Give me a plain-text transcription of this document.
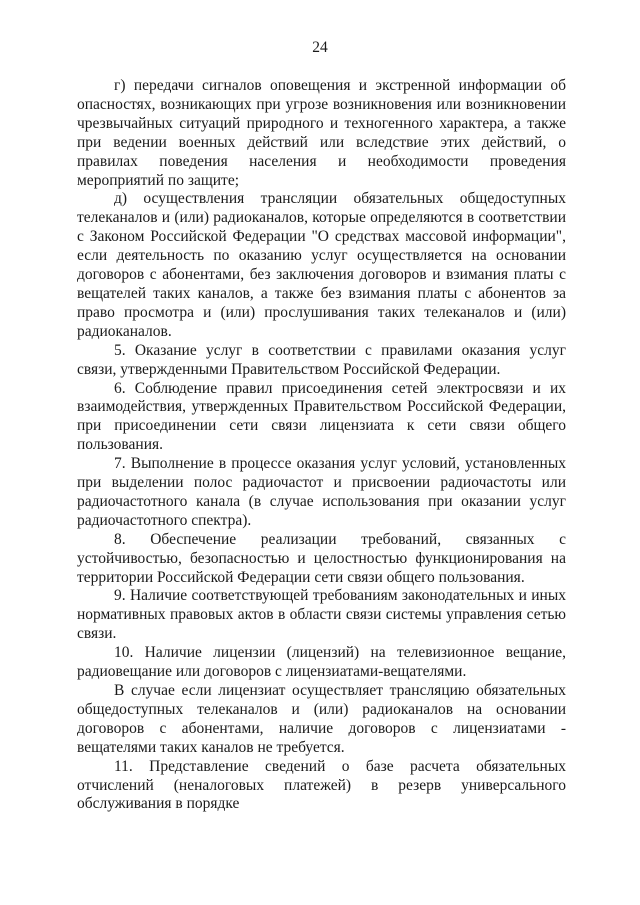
24

г) передачи сигналов оповещения и экстренной информации об опасностях, возникающих при угрозе возникновения или возникновении чрезвычайных ситуаций природного и техногенного характера, а также при ведении военных действий или вследствие этих действий, о правилах поведения населения и необходимости проведения мероприятий по защите;

д) осуществления трансляции обязательных общедоступных телеканалов и (или) радиоканалов, которые определяются в соответствии с Законом Российской Федерации "О средствах массовой информации", если деятельность по оказанию услуг осуществляется на основании договоров с абонентами, без заключения договоров и взимания платы с вещателей таких каналов, а также без взимания платы с абонентов за право просмотра и (или) прослушивания таких телеканалов и (или) радиоканалов.

5. Оказание услуг в соответствии с правилами оказания услуг связи, утвержденными Правительством Российской Федерации.

6. Соблюдение правил присоединения сетей электросвязи и их взаимодействия, утвержденных Правительством Российской Федерации, при присоединении сети связи лицензиата к сети связи общего пользования.

7. Выполнение в процессе оказания услуг условий, установленных при выделении полос радиочастот и присвоении радиочастоты или радиочастотного канала (в случае использования при оказании услуг радиочастотного спектра).

8. Обеспечение реализации требований, связанных с устойчивостью, безопасностью и целостностью функционирования на территории Российской Федерации сети связи общего пользования.

9. Наличие соответствующей требованиям законодательных и иных нормативных правовых актов в области связи системы управления сетью связи.

10. Наличие лицензии (лицензий) на телевизионное вещание, радиовещание или договоров с лицензиатами-вещателями.

В случае если лицензиат осуществляет трансляцию обязательных общедоступных телеканалов и (или) радиоканалов на основании договоров с абонентами, наличие договоров с лицензиатами - вещателями таких каналов не требуется.

11. Представление сведений о базе расчета обязательных отчислений (неналоговых платежей) в резерв универсального обслуживания в порядке
